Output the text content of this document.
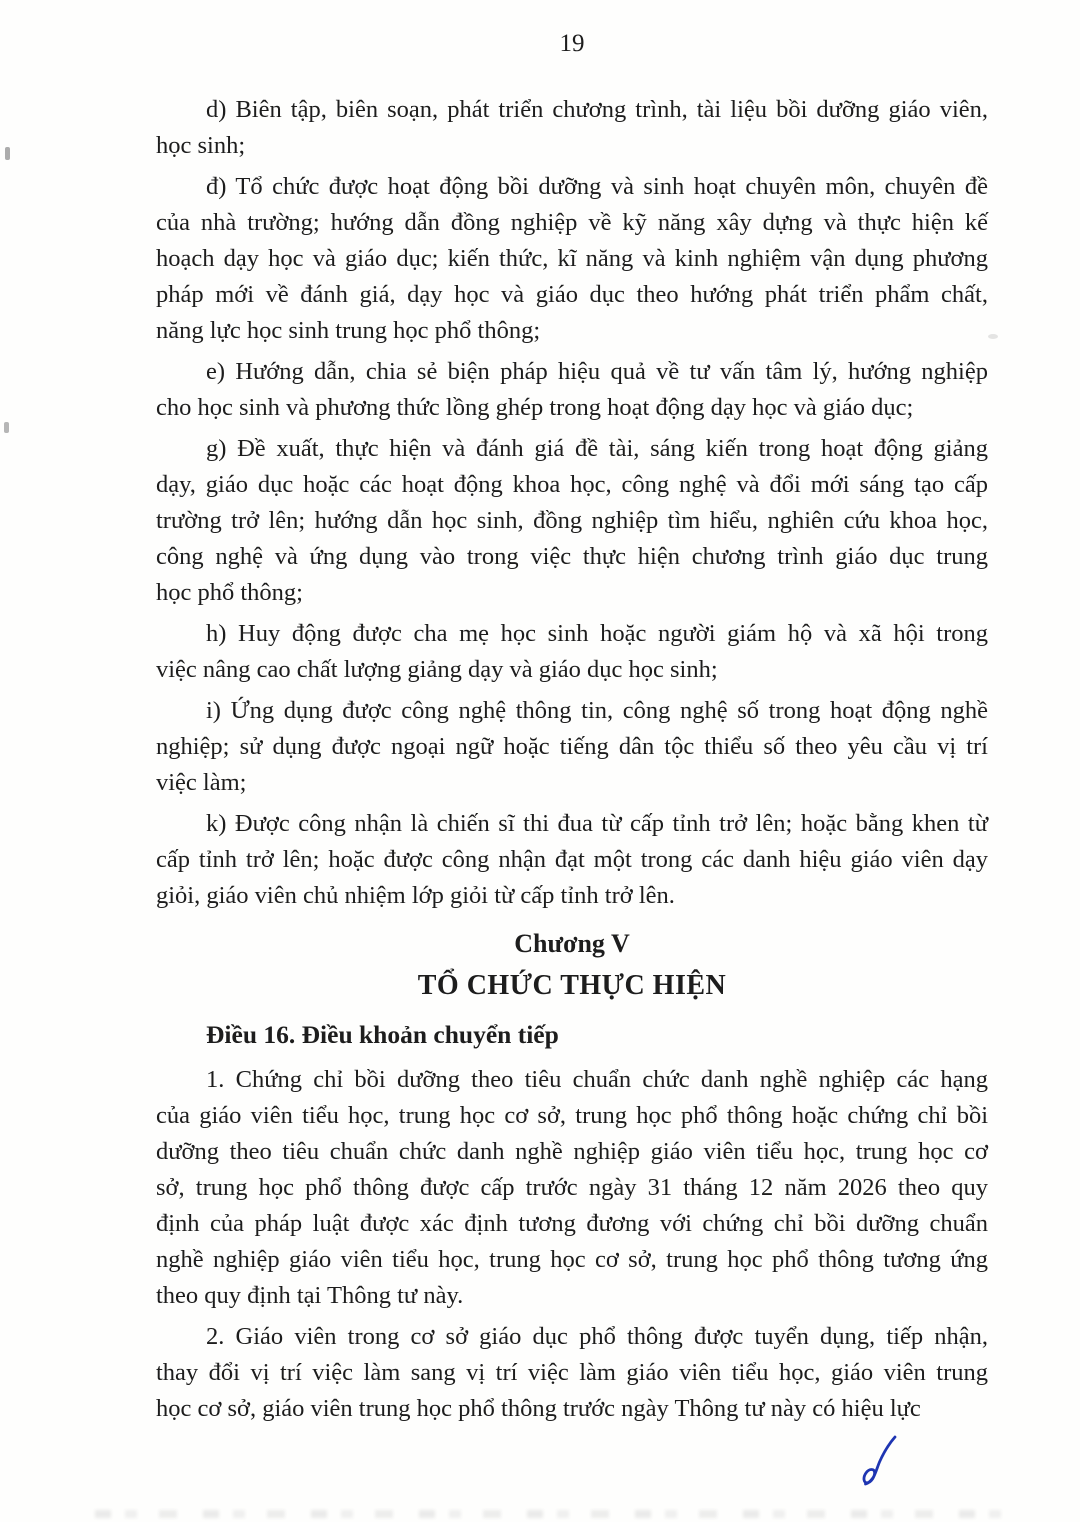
19

d) Biên tập, biên soạn, phát triển chương trình, tài liệu bồi dưỡng giáo viên,
học sinh;

đ) Tổ chức được hoạt động bồi dưỡng và sinh hoạt chuyên môn, chuyên đề
của nhà trường; hướng dẫn đồng nghiệp về kỹ năng xây dựng và thực hiện kế
hoạch dạy học và giáo dục; kiến thức, kĩ năng và kinh nghiệm vận dụng phương
pháp mới về đánh giá, dạy học và giáo dục theo hướng phát triển phẩm chất,
năng lực học sinh trung học phổ thông;

e) Hướng dẫn, chia sẻ biện pháp hiệu quả về tư vấn tâm lý, hướng nghiệp
cho học sinh và phương thức lồng ghép trong hoạt động dạy học và giáo dục;

g) Đề xuất, thực hiện và đánh giá đề tài, sáng kiến trong hoạt động giảng
dạy, giáo dục hoặc các hoạt động khoa học, công nghệ và đổi mới sáng tạo cấp
trường trở lên; hướng dẫn học sinh, đồng nghiệp tìm hiểu, nghiên cứu khoa học,
công nghệ và ứng dụng vào trong việc thực hiện chương trình giáo dục trung
học phổ thông;

h) Huy động được cha mẹ học sinh hoặc người giám hộ và xã hội trong
việc nâng cao chất lượng giảng dạy và giáo dục học sinh;

i) Ứng dụng được công nghệ thông tin, công nghệ số trong hoạt động nghề
nghiệp; sử dụng được ngoại ngữ hoặc tiếng dân tộc thiểu số theo yêu cầu vị trí
việc làm;

k) Được công nhận là chiến sĩ thi đua từ cấp tỉnh trở lên; hoặc bằng khen từ
cấp tỉnh trở lên; hoặc được công nhận đạt một trong các danh hiệu giáo viên dạy
giỏi, giáo viên chủ nhiệm lớp giỏi từ cấp tỉnh trở lên.

Chương V
TỔ CHỨC THỰC HIỆN
Điều 16. Điều khoản chuyển tiếp

1. Chứng chỉ bồi dưỡng theo tiêu chuẩn chức danh nghề nghiệp các hạng
của giáo viên tiểu học, trung học cơ sở, trung học phổ thông hoặc chứng chỉ bồi
dưỡng theo tiêu chuẩn chức danh nghề nghiệp giáo viên tiểu học, trung học cơ
sở, trung học phổ thông được cấp trước ngày 31 tháng 12 năm 2026 theo quy
định của pháp luật được xác định tương đương với chứng chỉ bồi dưỡng chuẩn
nghề nghiệp giáo viên tiểu học, trung học cơ sở, trung học phổ thông tương ứng
theo quy định tại Thông tư này.

2. Giáo viên trong cơ sở giáo dục phổ thông được tuyển dụng, tiếp nhận,
thay đổi vị trí việc làm sang vị trí việc làm giáo viên tiểu học, giáo viên trung
học cơ sở, giáo viên trung học phổ thông trước ngày Thông tư này có hiệu lực
